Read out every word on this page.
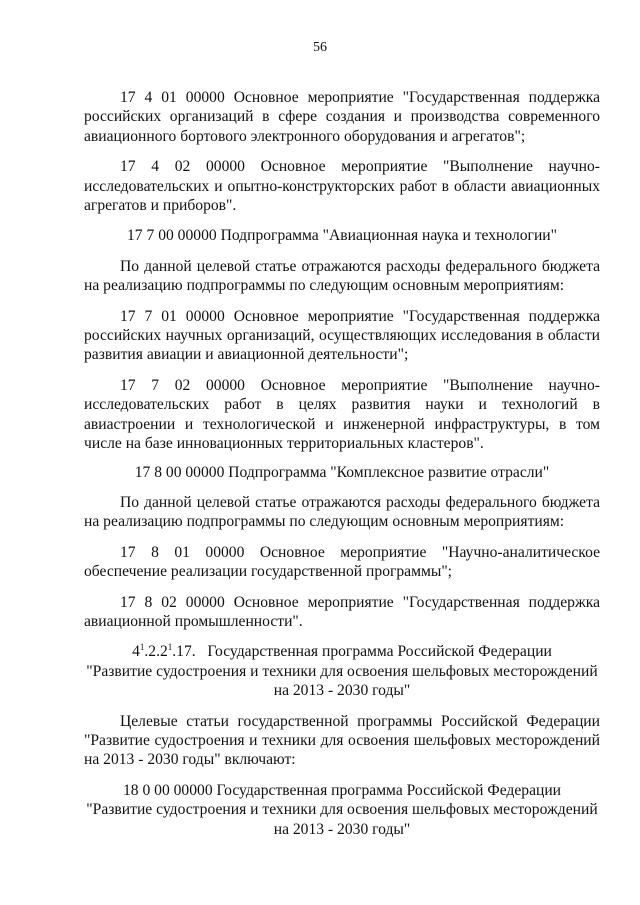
56

17 4 01 00000 Основное мероприятие "Государственная поддержка российских организаций в сфере создания и производства современного авиационного бортового электронного оборудования и агрегатов";

17 4 02 00000 Основное мероприятие "Выполнение научно-исследовательских и опытно-конструкторских работ в области авиационных агрегатов и приборов".

17 7 00 00000 Подпрограмма "Авиационная наука и технологии"

По данной целевой статье отражаются расходы федерального бюджета на реализацию подпрограммы по следующим основным мероприятиям:

17 7 01 00000 Основное мероприятие "Государственная поддержка российских научных организаций, осуществляющих исследования в области развития авиации и авиационной деятельности";

17 7 02 00000 Основное мероприятие "Выполнение научно-исследовательских работ в целях развития науки и технологий в авиастроении и технологической и инженерной инфраструктуры, в том числе на базе инновационных территориальных кластеров".

17 8 00 00000 Подпрограмма "Комплексное развитие отрасли"

По данной целевой статье отражаются расходы федерального бюджета на реализацию подпрограммы по следующим основным мероприятиям:

17 8 01 00000 Основное мероприятие "Научно-аналитическое обеспечение реализации государственной программы";

17 8 02 00000 Основное мероприятие "Государственная поддержка авиационной промышленности".

$4^1.2.2^1.17$. Государственная программа Российской Федерации
"Развитие судостроения и техники для освоения шельфовых месторождений
на 2013 - 2030 годы"

Целевые статьи государственной программы Российской Федерации "Развитие судостроения и техники для освоения шельфовых месторождений на 2013 - 2030 годы" включают:

18 0 00 00000 Государственная программа Российской Федерации
"Развитие судостроения и техники для освоения шельфовых месторождений
на 2013 - 2030 годы"
